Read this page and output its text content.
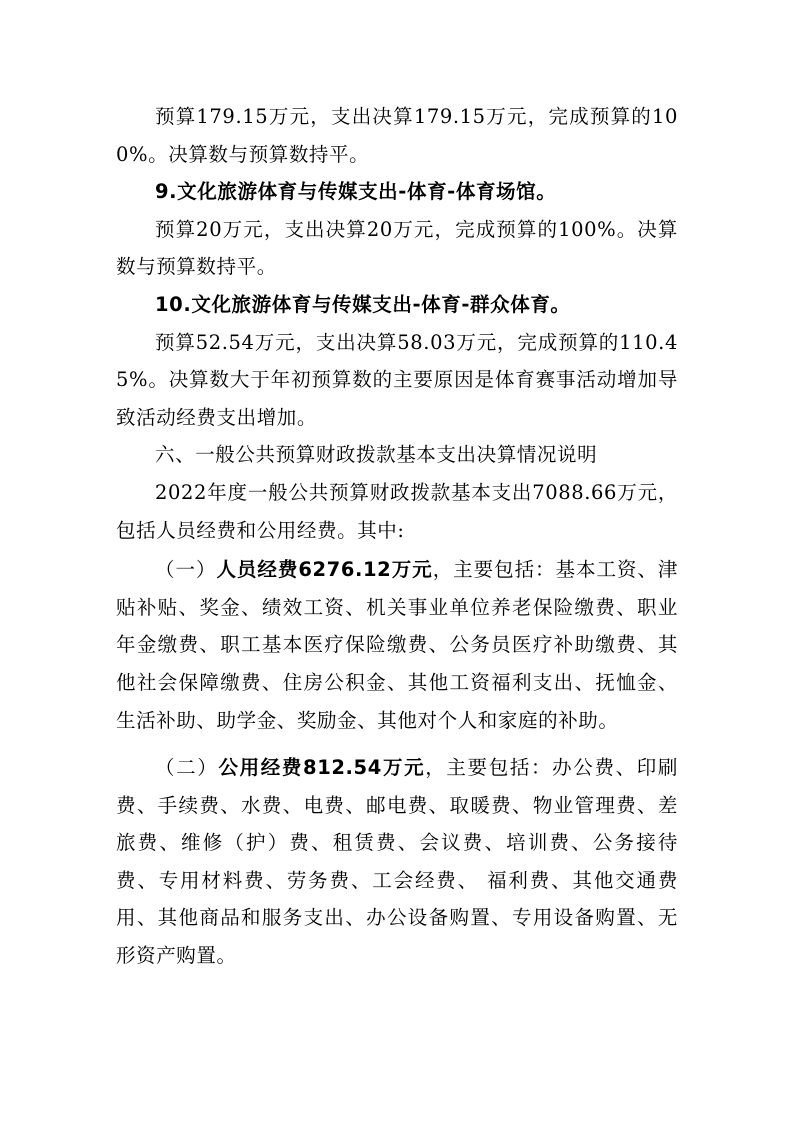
预算179.15万元，支出决算179.15万元，完成预算的100%。决算数与预算数持平。

9.文化旅游体育与传媒支出-体育-体育场馆。

预算20万元，支出决算20万元，完成预算的100%。决算数与预算数持平。

10.文化旅游体育与传媒支出-体育-群众体育。

预算52.54万元，支出决算58.03万元，完成预算的110.45%。决算数大于年初预算数的主要原因是体育赛事活动增加导致活动经费支出增加。

六、一般公共预算财政拨款基本支出决算情况说明

2022年度一般公共预算财政拨款基本支出7088.66万元，包括人员经费和公用经费。其中:

（一）人员经费6276.12万元，主要包括：基本工资、津贴补贴、奖金、绩效工资、机关事业单位养老保险缴费、职业年金缴费、职工基本医疗保险缴费、公务员医疗补助缴费、其他社会保障缴费、住房公积金、其他工资福利支出、抚恤金、生活补助、助学金、奖励金、其他对个人和家庭的补助。

（二）公用经费812.54万元，主要包括：办公费、印刷费、手续费、水费、电费、邮电费、取暖费、物业管理费、差旅费、维修（护）费、租赁费、会议费、培训费、公务接待费、专用材料费、劳务费、工会经费、 福利费、其他交通费用、其他商品和服务支出、办公设备购置、专用设备购置、无形资产购置。
